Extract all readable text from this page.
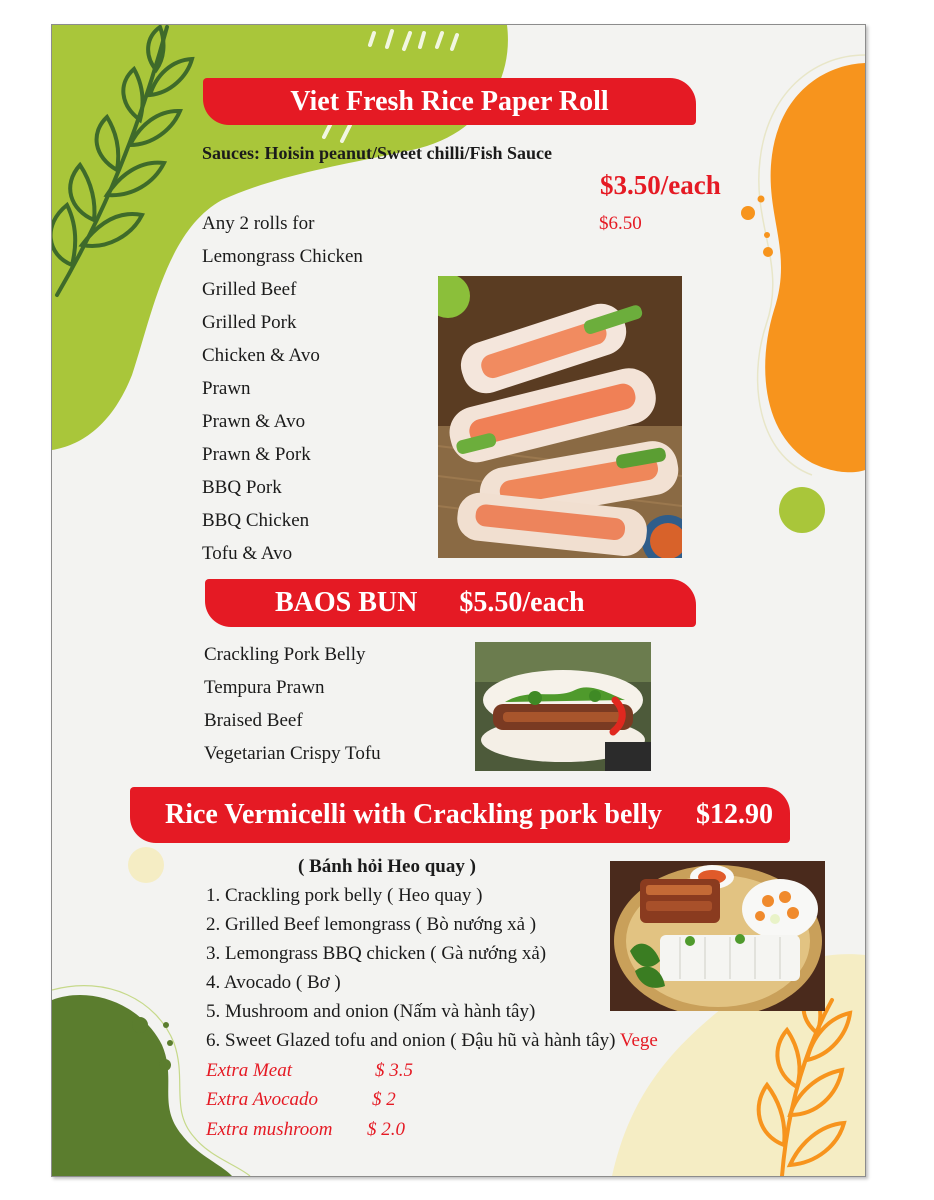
Viet Fresh Rice Paper Roll
Sauces: Hoisin peanut/Sweet chilli/Fish Sauce
$3.50/each
Any 2 rolls for	$6.50
Lemongrass Chicken
Grilled Beef
Grilled Pork
Chicken & Avo
Prawn
Prawn & Avo
Prawn & Pork
BBQ Pork
BBQ Chicken
Tofu & Avo
BAOS BUN $5.50/each
Crackling Pork Belly
Tempura Prawn
Braised Beef
Vegetarian Crispy Tofu
Rice Vermicelli with Crackling pork belly $12.90
( Bánh hỏi Heo quay )
1. Crackling pork belly ( Heo quay )
2. Grilled Beef lemongrass ( Bò nướng xả )
3. Lemongrass BBQ chicken ( Gà nướng xả)
4. Avocado ( Bơ )
5. Mushroom and onion (Nấm và hành tây)
6. Sweet Glazed tofu and onion ( Đậu hũ và hành tây) Vege
Extra Meat	$ 3.5
Extra Avocado	$ 2
Extra mushroom $ 2.0
